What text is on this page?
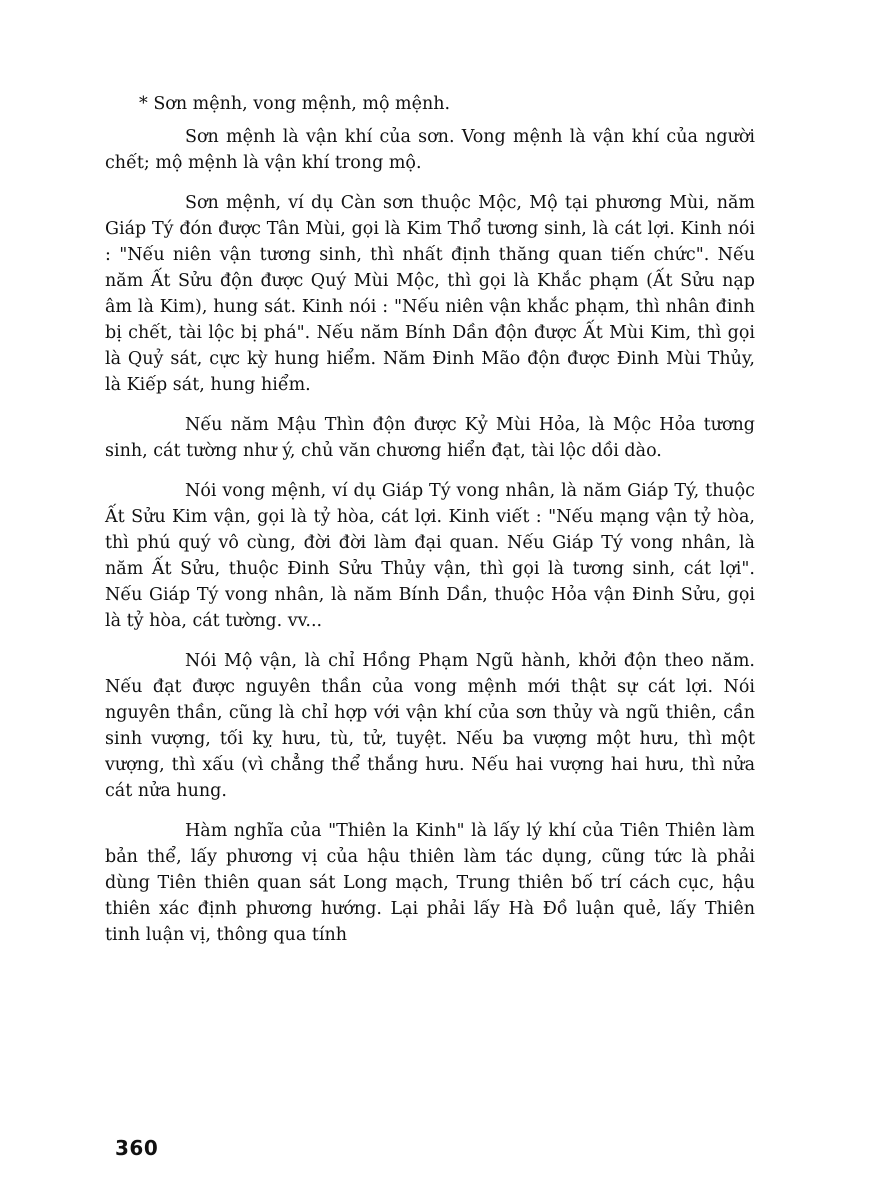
* Sơn mệnh, vong mệnh, mộ mệnh.

Sơn mệnh là vận khí của sơn. Vong mệnh là vận khí của người chết; mộ mệnh là vận khí trong mộ.

Sơn mệnh, ví dụ Càn sơn thuộc Mộc, Mộ tại phương Mùi, năm Giáp Tý đón được Tân Mùi, gọi là Kim Thổ tương sinh, là cát lợi. Kinh nói : "Nếu niên vận tương sinh, thì nhất định thăng quan tiến chức". Nếu năm Ất Sửu độn được Quý Mùi Mộc, thì gọi là Khắc phạm (Ất Sửu nạp âm là Kim), hung sát. Kinh nói : "Nếu niên vận khắc phạm, thì nhân đinh bị chết, tài lộc bị phá". Nếu năm Bính Dần độn được Ất Mùi Kim, thì gọi là Quỷ sát, cực kỳ hung hiểm. Năm Đinh Mão độn được Đinh Mùi Thủy, là Kiếp sát, hung hiểm.

Nếu năm Mậu Thìn độn được Kỷ Mùi Hỏa, là Mộc Hỏa tương sinh, cát tường như ý, chủ văn chương hiển đạt, tài lộc dồi dào.

Nói vong mệnh, ví dụ Giáp Tý vong nhân, là năm Giáp Tý, thuộc Ất Sửu Kim vận, gọi là tỷ hòa, cát lợi. Kinh viết : "Nếu mạng vận tỷ hòa, thì phú quý vô cùng, đời đời làm đại quan. Nếu Giáp Tý vong nhân, là năm Ất Sửu, thuộc Đinh Sửu Thủy vận, thì gọi là tương sinh, cát lợi". Nếu Giáp Tý vong nhân, là năm Bính Dần, thuộc Hỏa vận Đinh Sửu, gọi là tỷ hòa, cát tường. vv...

Nói Mộ vận, là chỉ Hồng Phạm Ngũ hành, khởi độn theo năm. Nếu đạt được nguyên thần của vong mệnh mới thật sự cát lợi. Nói nguyên thần, cũng là chỉ hợp với vận khí của sơn thủy và ngũ thiên, cần sinh vượng, tối kỵ hưu, tù, tử, tuyệt. Nếu ba vượng một hưu, thì một vượng, thì xấu (vì chẳng thể thắng hưu. Nếu hai vượng hai hưu, thì nửa cát nửa hung.

Hàm nghĩa của "Thiên la Kinh" là lấy lý khí của Tiên Thiên làm bản thể, lấy phương vị của hậu thiên làm tác dụng, cũng tức là phải dùng Tiên thiên quan sát Long mạch, Trung thiên bố trí cách cục, hậu thiên xác định phương hướng. Lại phải lấy Hà Đồ luận quẻ, lấy Thiên tinh luận vị, thông qua tính

360
